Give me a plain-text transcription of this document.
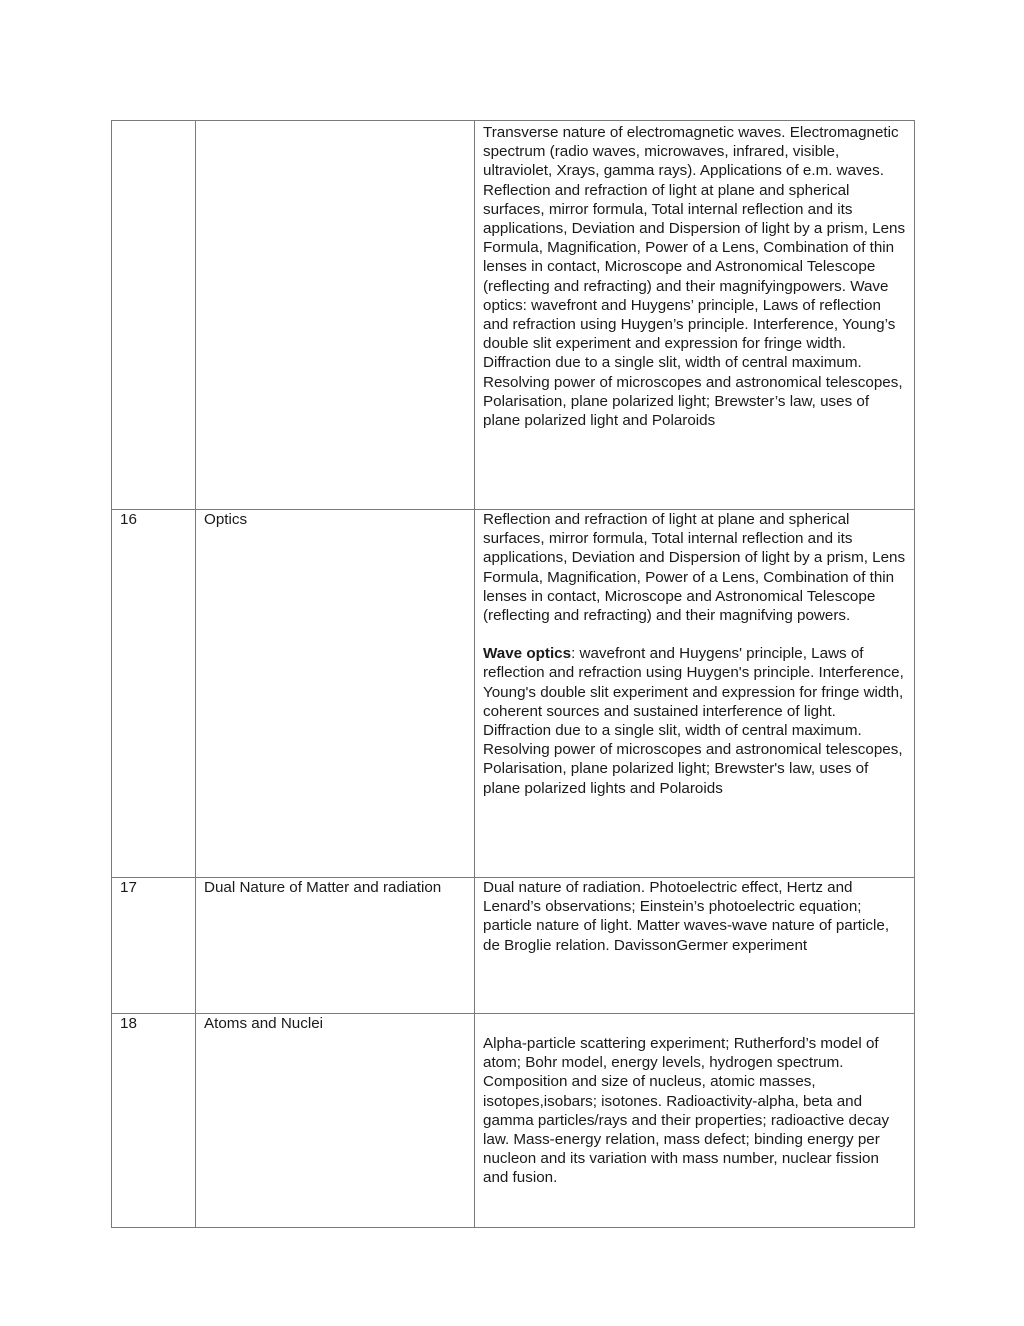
		Transverse nature of electromagnetic waves. Electromagnetic spectrum (radio waves, microwaves, infrared, visible, ultraviolet, Xrays, gamma rays). Applications of e.m. waves. Reflection and refraction of light at plane and spherical surfaces, mirror formula, Total internal reflection and its applications, Deviation and Dispersion of light by a prism, Lens Formula, Magnification, Power of a Lens, Combination of thin lenses in contact, Microscope and Astronomical Telescope (reflecting and refracting) and their magnifyingpowers. Wave optics: wavefront and Huygens’ principle, Laws of reflection and refraction using Huygen’s principle. Interference, Young’s double slit experiment and expression for fringe width. Diffraction due to a single slit, width of central maximum. Resolving power of microscopes and astronomical telescopes, Polarisation, plane polarized light; Brewster’s law, uses of plane polarized light and Polaroids

16	Optics	Reflection and refraction of light at plane and spherical surfaces, mirror formula, Total internal reflection and its applications, Deviation and Dispersion of light by a prism, Lens Formula, Magnification, Power of a Lens, Combination of thin lenses in contact, Microscope and Astronomical Telescope (reflecting and refracting) and their magnifving powers.

Wave optics: wavefront and Huygens' principle, Laws of reflection and refraction using Huygen's principle. Interference, Young's double slit experiment and expression for fringe width, coherent sources and sustained interference of light. Diffraction due to a single slit, width of central maximum. Resolving power of microscopes and astronomical telescopes, Polarisation, plane polarized light; Brewster's law, uses of plane polarized lights and Polaroids

17	Dual Nature of Matter and radiation	Dual nature of radiation. Photoelectric effect, Hertz and Lenard’s observations; Einstein’s photoelectric equation; particle nature of light. Matter waves-wave nature of particle, de Broglie relation. DavissonGermer experiment

18	Atoms and Nuclei	Alpha-particle scattering experiment; Rutherford’s model of atom; Bohr model, energy levels, hydrogen spectrum. Composition and size of nucleus, atomic masses, isotopes,isobars; isotones. Radioactivity-alpha, beta and gamma particles/rays and their properties; radioactive decay law. Mass-energy relation, mass defect; binding energy per nucleon and its variation with mass number, nuclear fission and fusion.
